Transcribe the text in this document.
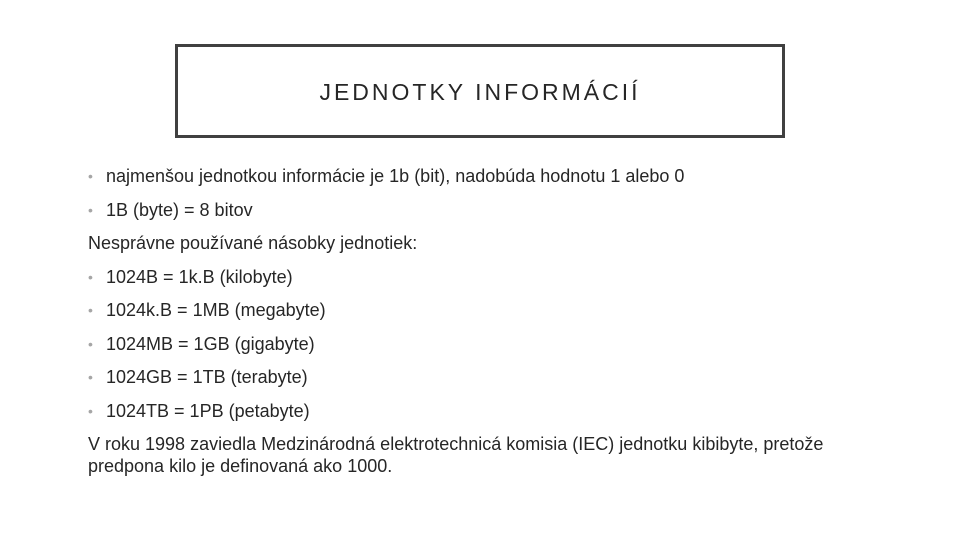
JEDNOTKY INFORMÁCIÍ
• najmenšou jednotkou informácie je 1b (bit), nadobúda hodnotu 1 alebo 0
• 1B (byte) = 8 bitov
Nesprávne používané násobky jednotiek:
• 1024B = 1k.B (kilobyte)
• 1024k.B = 1MB (megabyte)
• 1024MB = 1GB (gigabyte)
• 1024GB = 1TB (terabyte)
• 1024TB = 1PB (petabyte)
V roku 1998 zaviedla Medzinárodná elektrotechnicá komisia (IEC) jednotku kibibyte, pretože predpona kilo je definovaná ako 1000.
